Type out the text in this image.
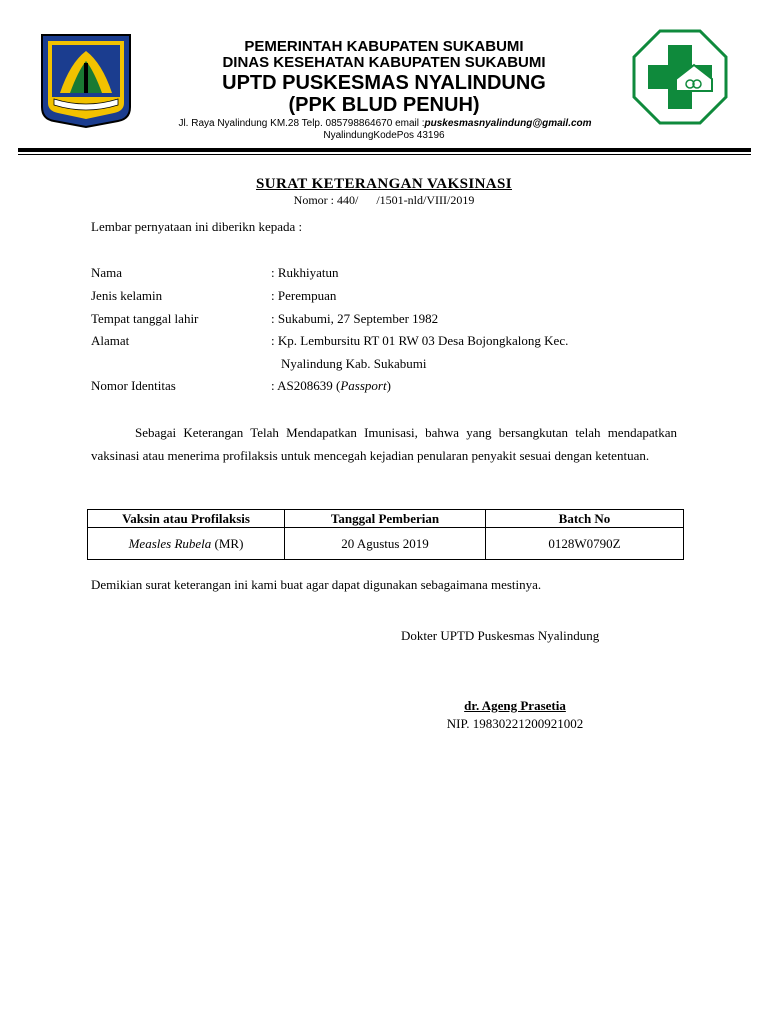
PEMERINTAH KABUPATEN SUKABUMI
DINAS KESEHATAN KABUPATEN SUKABUMI
UPTD PUSKESMAS NYALINDUNG
(PPK BLUD PENUH)
Jl. Raya Nyalindung KM.28 Telp. 085798864670 email :puskesmasnyalindung@gmail.com
NyalindungKodePos 43196
SURAT KETERANGAN VAKSINASI
Nomor : 440/      /1501-nld/VIII/2019
Lembar pernyataan ini diberikn kepada :
Nama	: Rukhiyatun
Jenis kelamin	: Perempuan
Tempat tanggal lahir	: Sukabumi, 27 September 1982
Alamat	: Kp. Lembursitu RT 01 RW 03 Desa Bojongkalong Kec.
Nyalindung Kab. Sukabumi
Nomor Identitas	: AS208639 (Passport)
Sebagai Keterangan Telah Mendapatkan Imunisasi, bahwa yang bersangkutan telah mendapatkan vaksinasi atau menerima profilaksis untuk mencegah kejadian penularan penyakit sesuai dengan ketentuan.
Vaksin atau Profilaksis	Tanggal Pemberian	Batch No
Measles Rubela (MR)	20 Agustus 2019	0128W0790Z
Demikian surat keterangan ini kami buat agar dapat digunakan sebagaimana mestinya.
Dokter UPTD Puskesmas Nyalindung
dr. Ageng Prasetia
NIP. 19830221200921002
